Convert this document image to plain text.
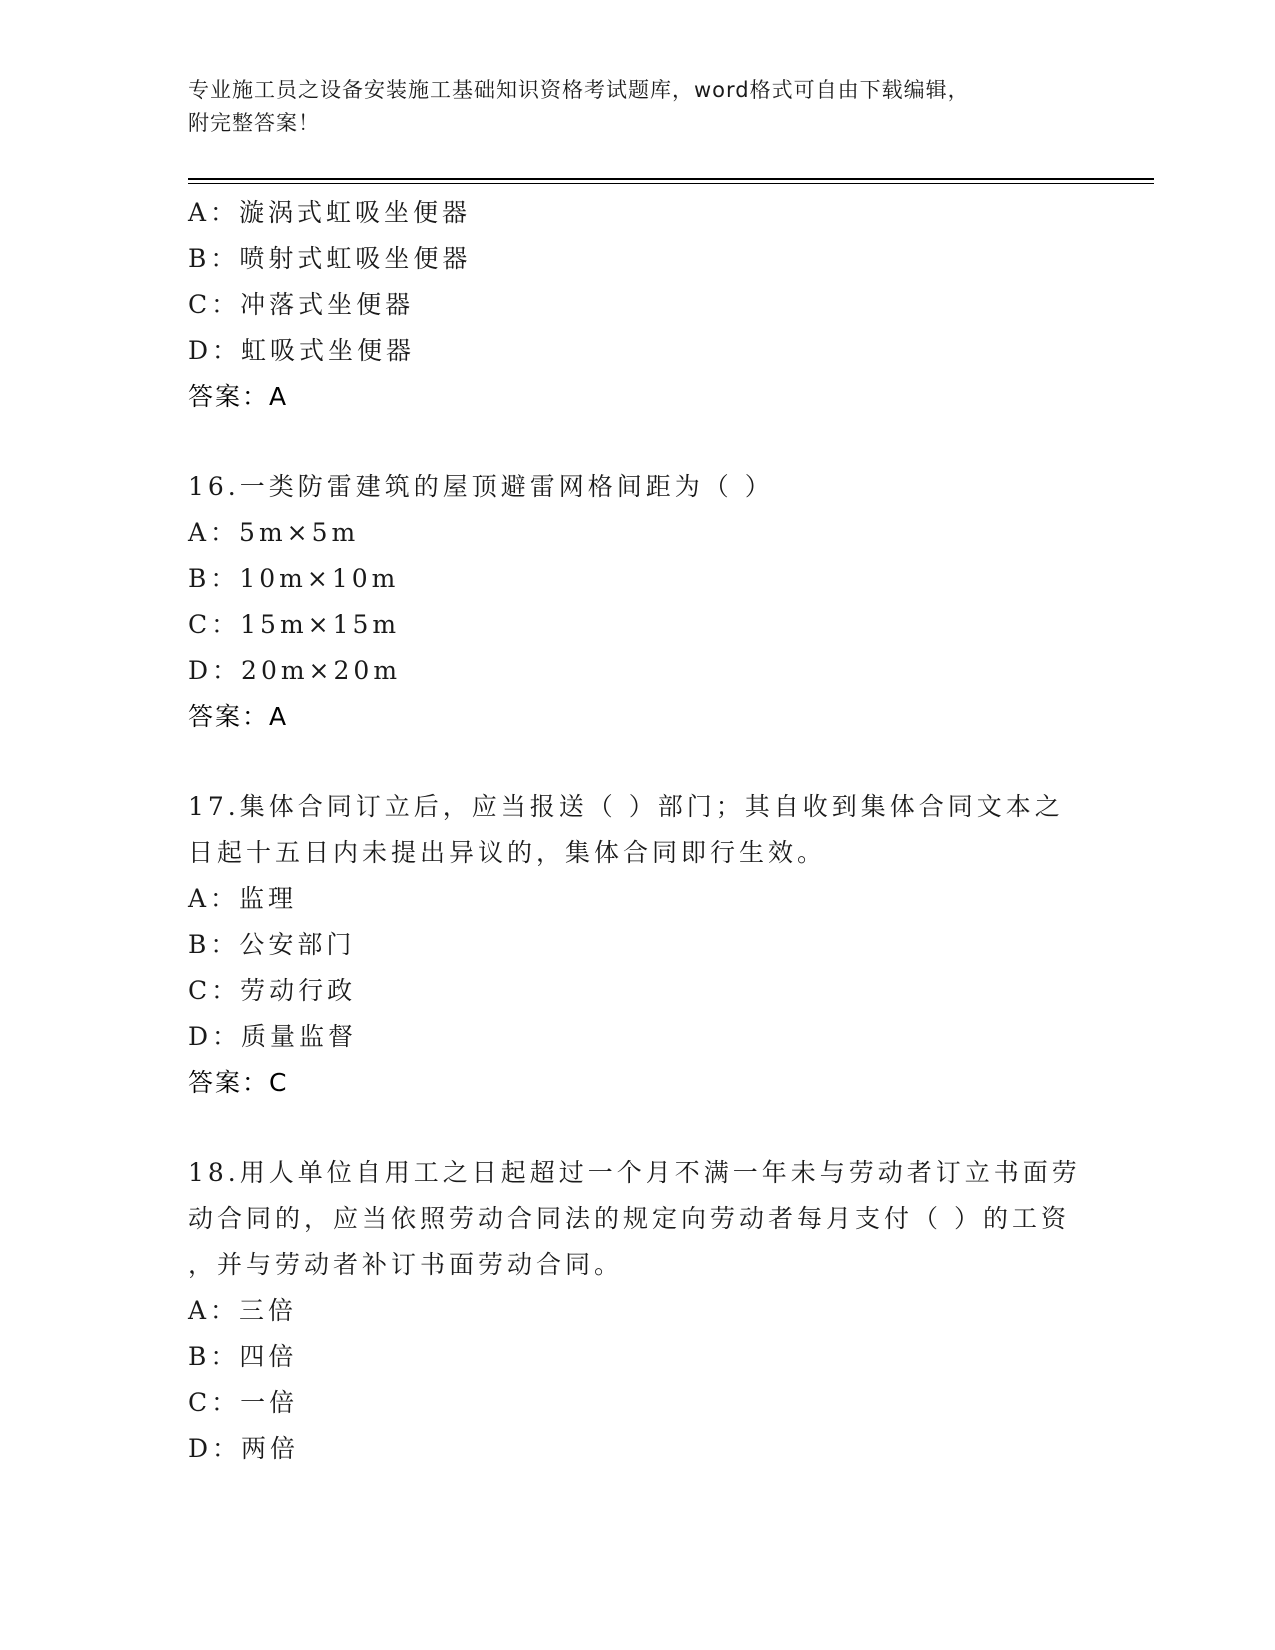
专业施工员之设备安装施工基础知识资格考试题库，word格式可自由下载编辑，
附完整答案！
A：漩涡式虹吸坐便器
B：喷射式虹吸坐便器
C：冲落式坐便器
D：虹吸式坐便器
答案：A
16.一类防雷建筑的屋顶避雷网格间距为（ ）
A：5m×5m
B：10m×10m
C：15m×15m
D：20m×20m
答案：A
17.集体合同订立后，应当报送（ ）部门；其自收到集体合同文本之
日起十五日内未提出异议的，集体合同即行生效。
A：监理
B：公安部门
C：劳动行政
D：质量监督
答案：C
18.用人单位自用工之日起超过一个月不满一年未与劳动者订立书面劳
动合同的，应当依照劳动合同法的规定向劳动者每月支付（ ）的工资
，并与劳动者补订书面劳动合同。
A：三倍
B：四倍
C：一倍
D：两倍
